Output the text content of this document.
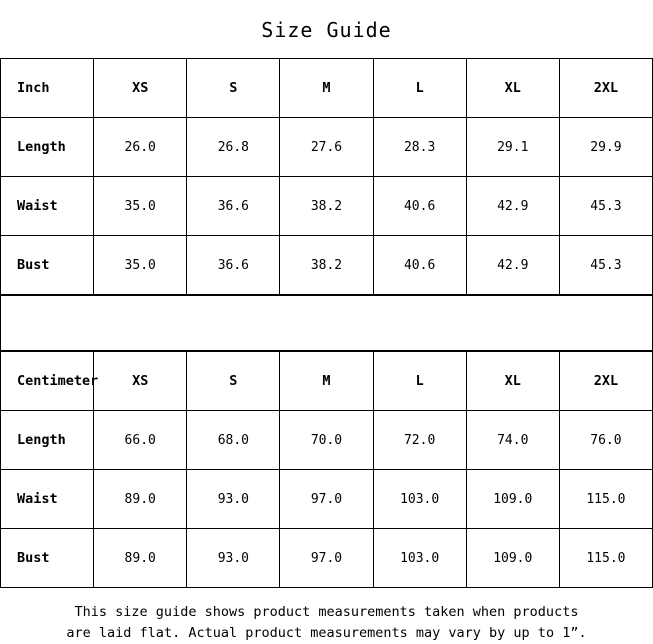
Size Guide
Inch	XS	S	M	L	XL	2XL
Length	26.0	26.8	27.6	28.3	29.1	29.9
Waist	35.0	36.6	38.2	40.6	42.9	45.3
Bust	35.0	36.6	38.2	40.6	42.9	45.3
Centimeter	XS	S	M	L	XL	2XL
Length	66.0	68.0	70.0	72.0	74.0	76.0
Waist	89.0	93.0	97.0	103.0	109.0	115.0
Bust	89.0	93.0	97.0	103.0	109.0	115.0
This size guide shows product measurements taken when products
are laid flat. Actual product measurements may vary by up to 1”.
